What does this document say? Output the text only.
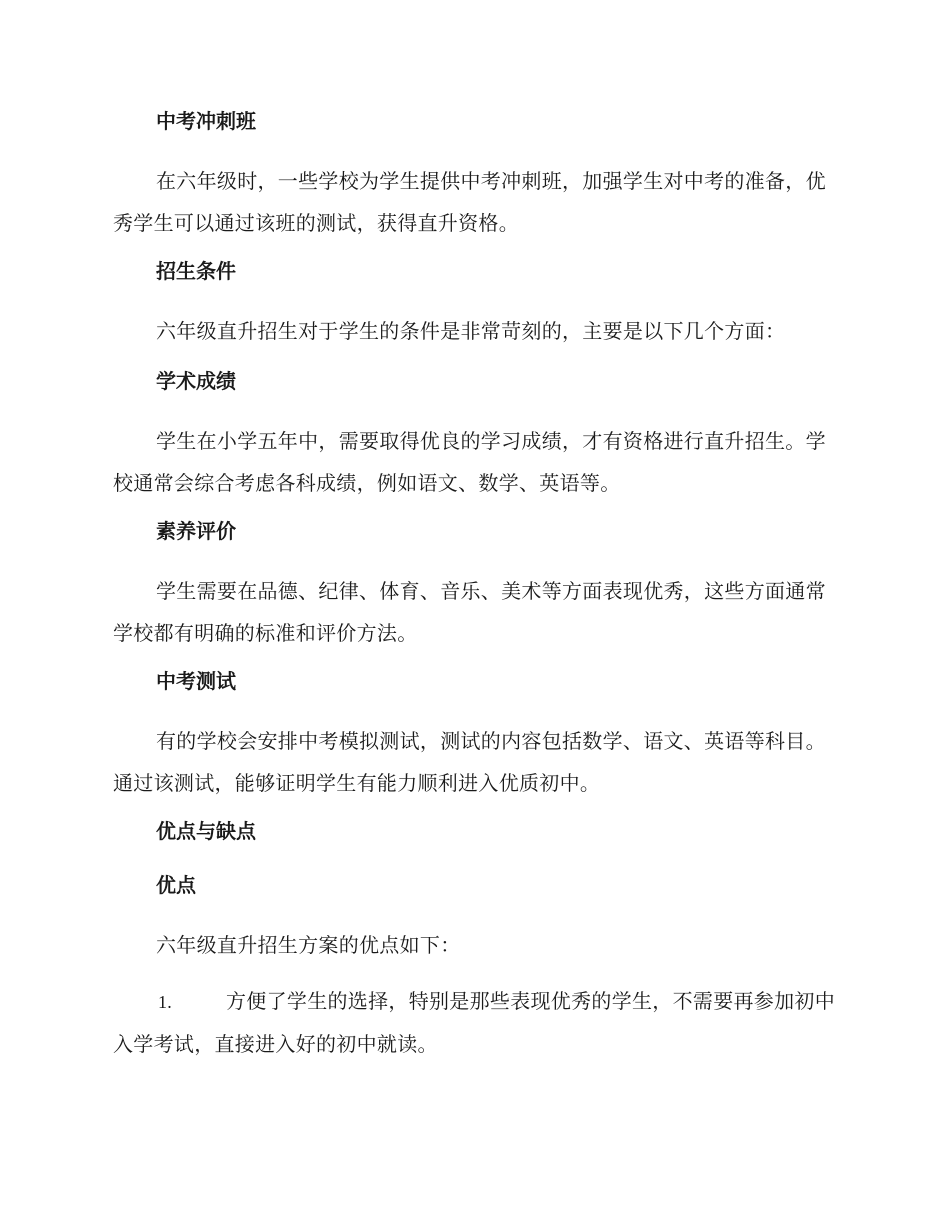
中考冲刺班
在六年级时，一些学校为学生提供中考冲刺班，加强学生对中考的准备，优秀学生可以通过该班的测试，获得直升资格。
招生条件
六年级直升招生对于学生的条件是非常苛刻的，主要是以下几个方面：
学术成绩
学生在小学五年中，需要取得优良的学习成绩，才有资格进行直升招生。学校通常会综合考虑各科成绩，例如语文、数学、英语等。
素养评价
学生需要在品德、纪律、体育、音乐、美术等方面表现优秀，这些方面通常学校都有明确的标准和评价方法。
中考测试
有的学校会安排中考模拟测试，测试的内容包括数学、语文、英语等科目。通过该测试，能够证明学生有能力顺利进入优质初中。
优点与缺点
优点
六年级直升招生方案的优点如下：
1.	方便了学生的选择，特别是那些表现优秀的学生，不需要再参加初中入学考试，直接进入好的初中就读。
